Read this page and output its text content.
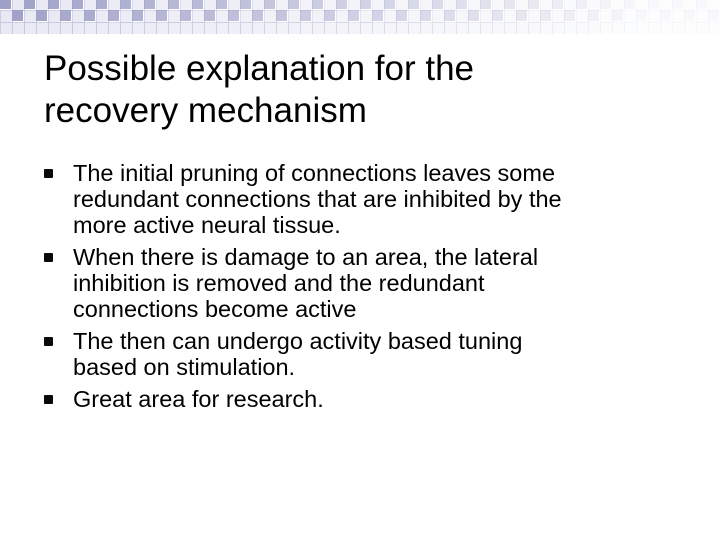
Possible explanation for the
recovery mechanism
The initial pruning of connections leaves some
redundant connections that are inhibited by the
more active neural tissue.
When there is damage to an area, the lateral
inhibition is removed and the redundant
connections become active
The then can undergo activity based tuning
based on stimulation.
Great area for research.
